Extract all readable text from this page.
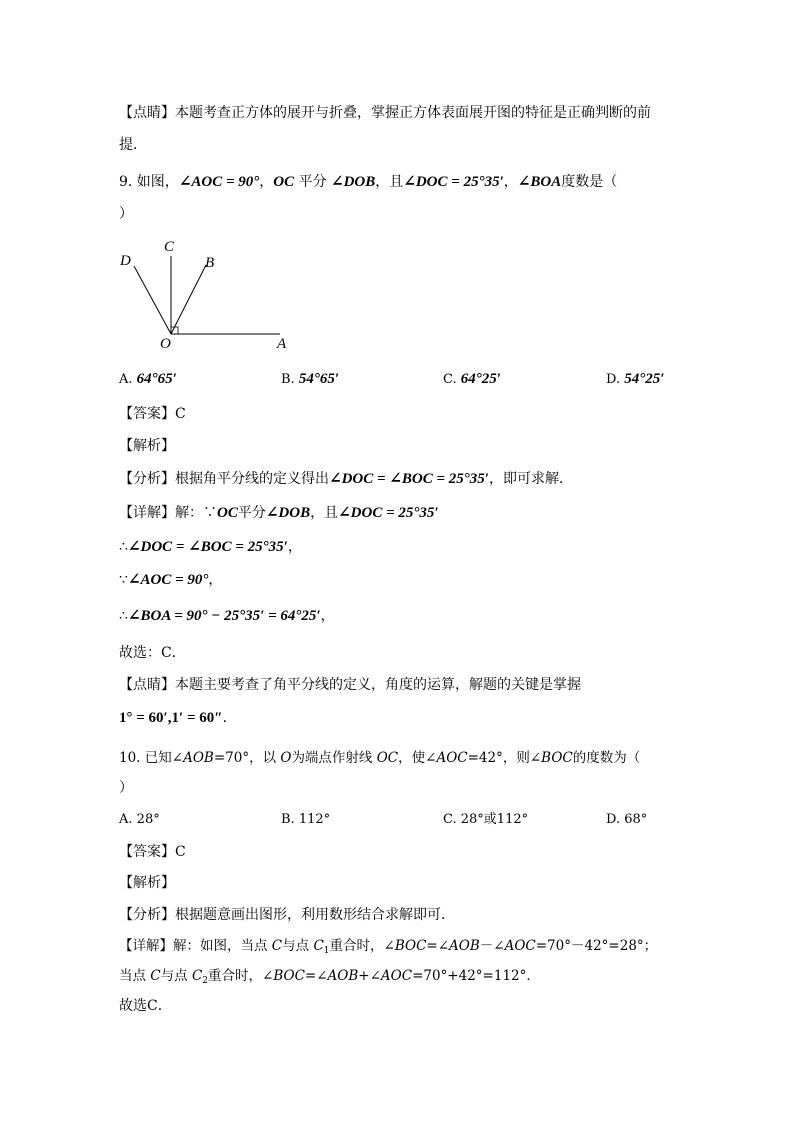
【点睛】本题考查正方体的展开与折叠，掌握正方体表面展开图的特征是正确判断的前
提．
9. 如图，∠AOC = 90°，OC 平分 ∠DOB，且∠DOC = 25°35′，∠BOA度数是（
）
D
C
B
O	A
A. 64°65′	B. 54°65′	C. 64°25′	D. 54°25′
【答案】C
【解析】
【分析】根据角平分线的定义得出∠DOC = ∠BOC = 25°35′，即可求解．
【详解】解：∵OC平分∠DOB，且∠DOC = 25°35′
∴∠DOC = ∠BOC = 25°35′，
∵∠AOC = 90°，
∴∠BOA = 90° − 25°35′ = 64°25′，
故选：C．
【点睛】本题主要考查了角平分线的定义，角度的运算，解题的关键是掌握
1° = 60′,1′ = 60″．
10. 已知∠AOB=70°，以 O为端点作射线 OC，使∠AOC=42°，则∠BOC的度数为（
）
A. 28°	B. 112°	C. 28°或112°	D. 68°
【答案】C
【解析】
【分析】根据题意画出图形，利用数形结合求解即可．
【详解】解：如图，当点 C与点 $C_1$重合时，∠BOC=∠AOB－∠AOC=70°－42°=28°；
当点 C与点 $C_2$重合时，∠BOC=∠AOB+∠AOC=70°+42°=112°．
故选C．
